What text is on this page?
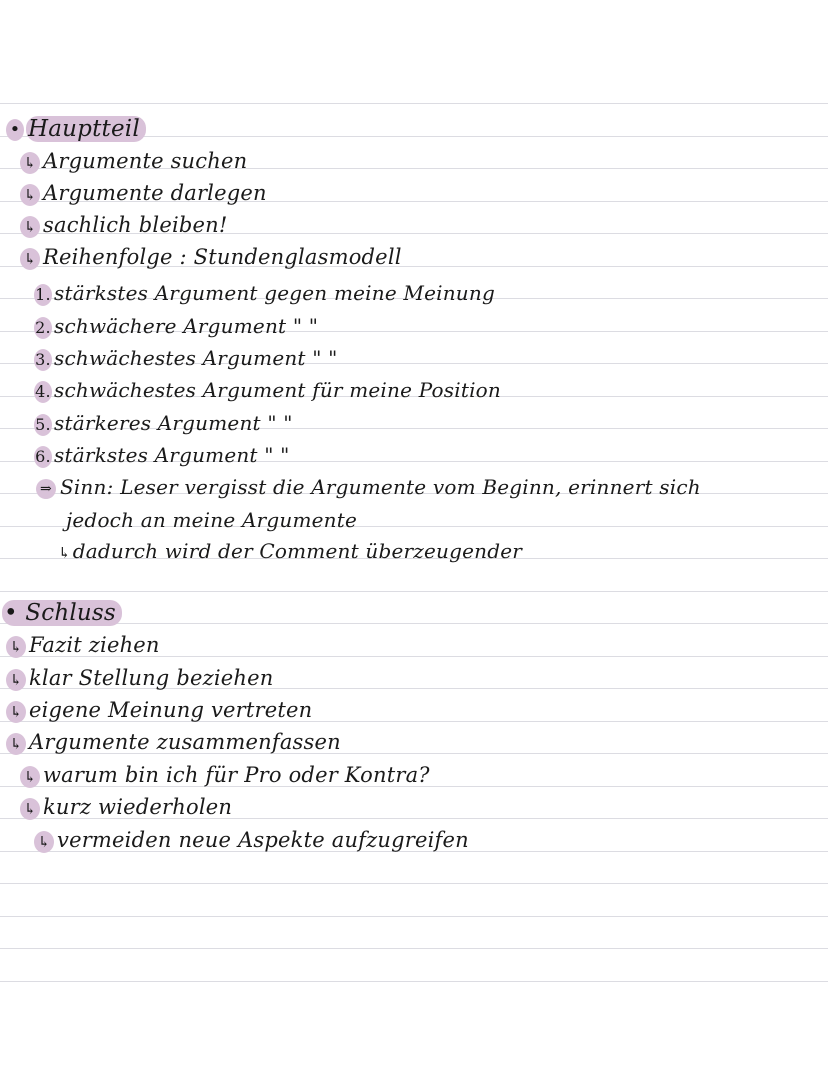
• Hauptteil
↳ Argumente suchen
↳ Argumente darlegen
↳ sachlich bleiben!
↳ Reihenfolge : Stundenglasmodell
1. stärkstes Argument gegen meine Meinung
2. schwächere Argument " "
3. schwächestes Argument " "
4. schwächestes Argument für meine Position
5. stärkeres Argument " "
6. stärkstes Argument " "
⇒ Sinn: Leser vergisst die Argumente vom Beginn, erinnert sich
jedoch an meine Argumente
↳ dadurch wird der Comment überzeugender
• Schluss
↳ Fazit ziehen
↳ klar Stellung beziehen
↳ eigene Meinung vertreten
↳ Argumente zusammenfassen
↳ warum bin ich für Pro oder Kontra?
↳ kurz wiederholen
↳ vermeiden neue Aspekte aufzugreifen
